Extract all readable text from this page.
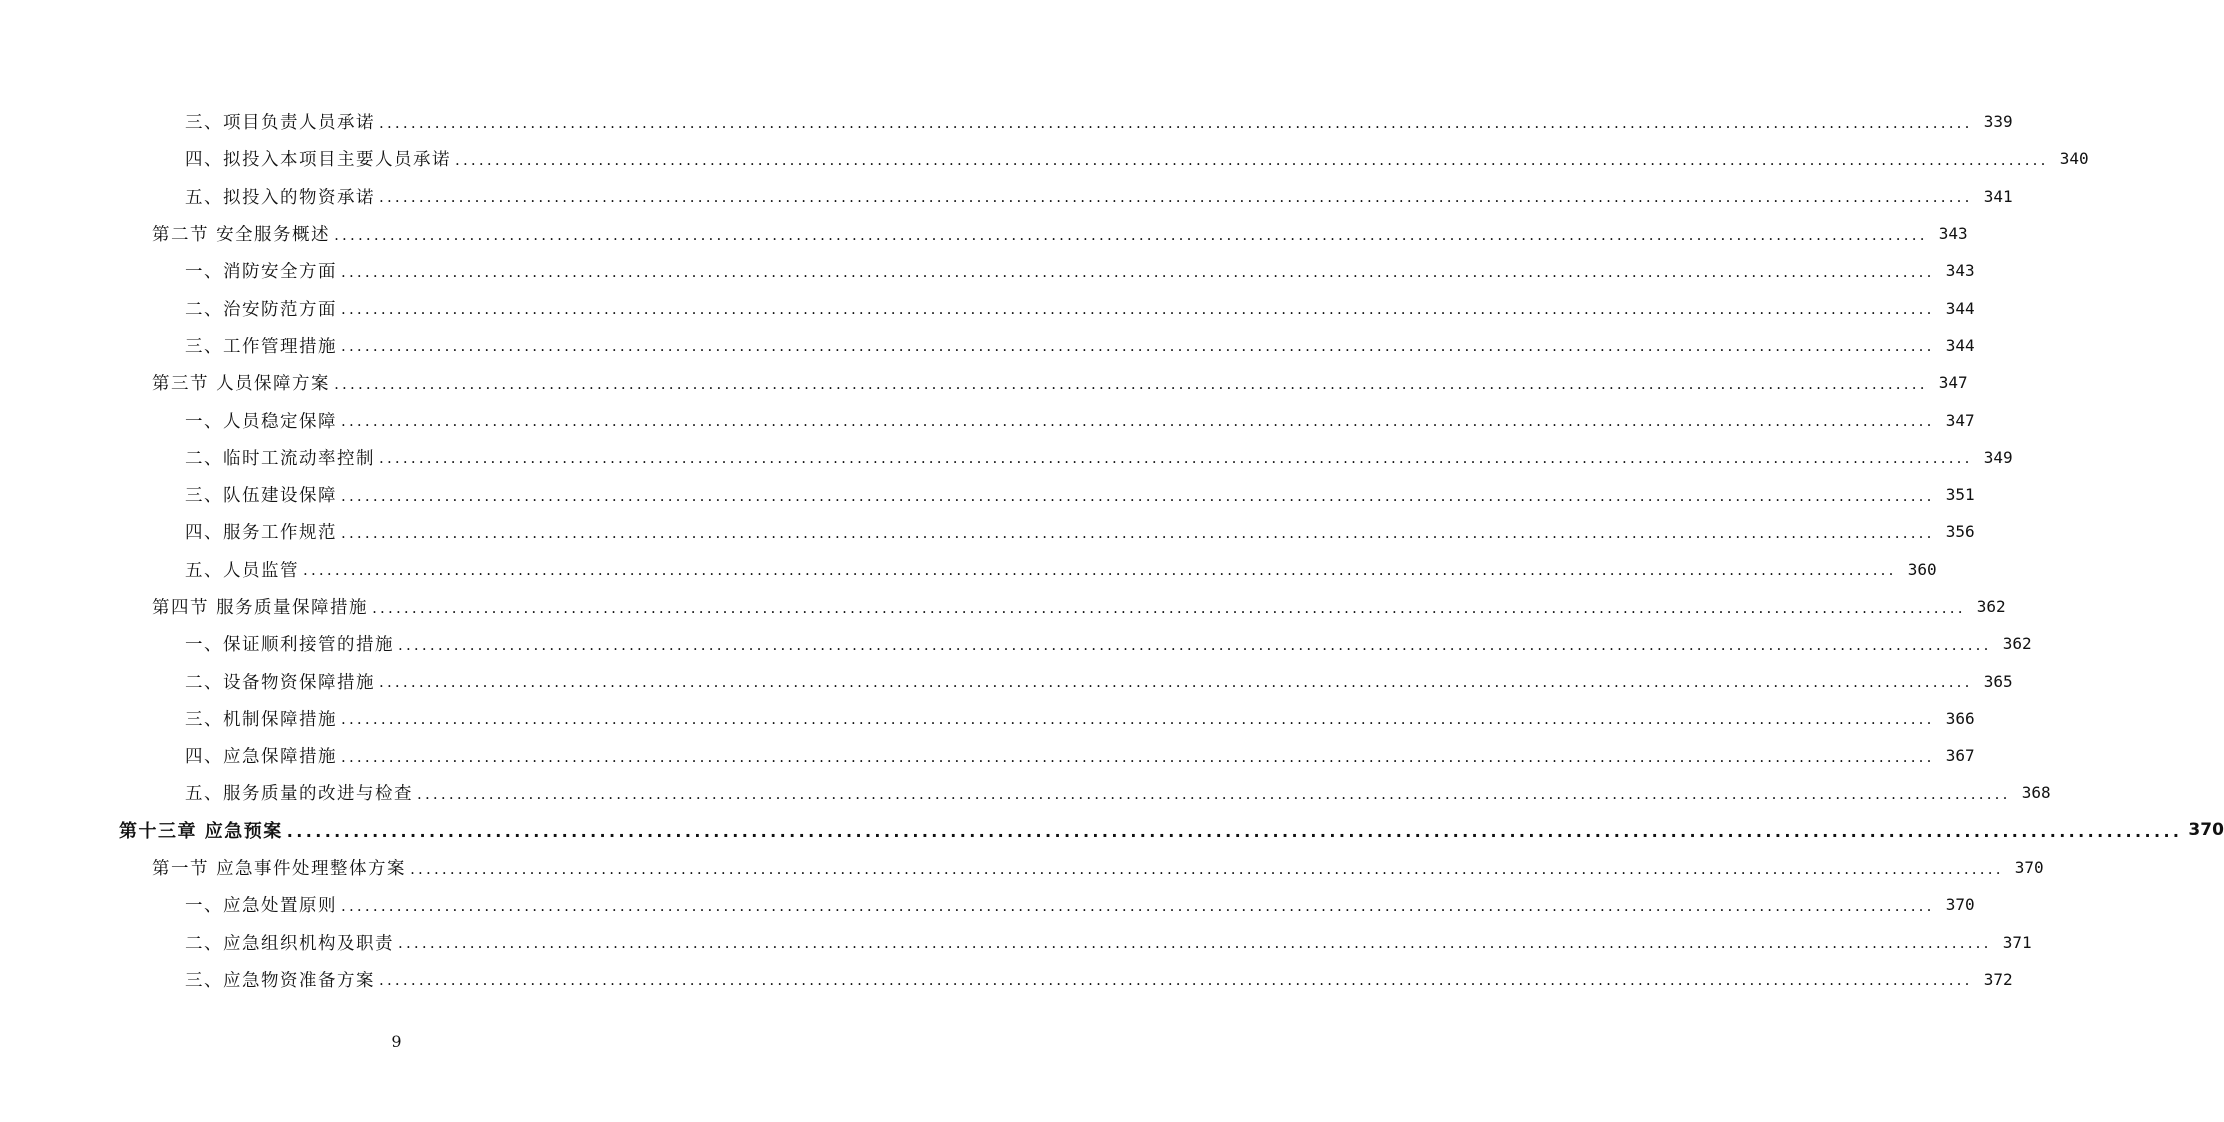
三、项目负责人员承诺 ........................................................................................................................................................................................................ 339
四、拟投入本项目主要人员承诺 ........................................................................................................................................................................................................ 340
五、拟投入的物资承诺 ........................................................................................................................................................................................................ 341
第二节 安全服务概述 ........................................................................................................................................................................................................ 343
一、消防安全方面 ........................................................................................................................................................................................................ 343
二、治安防范方面 ........................................................................................................................................................................................................ 344
三、工作管理措施 ........................................................................................................................................................................................................ 344
第三节 人员保障方案 ........................................................................................................................................................................................................ 347
一、人员稳定保障 ........................................................................................................................................................................................................ 347
二、临时工流动率控制 ........................................................................................................................................................................................................ 349
三、队伍建设保障 ........................................................................................................................................................................................................ 351
四、服务工作规范 ........................................................................................................................................................................................................ 356
五、人员监管 ........................................................................................................................................................................................................ 360
第四节 服务质量保障措施 ........................................................................................................................................................................................................ 362
一、保证顺利接管的措施 ........................................................................................................................................................................................................ 362
二、设备物资保障措施 ........................................................................................................................................................................................................ 365
三、机制保障措施 ........................................................................................................................................................................................................ 366
四、应急保障措施 ........................................................................................................................................................................................................ 367
五、服务质量的改进与检查 ........................................................................................................................................................................................................ 368
第十三章 应急预案 ........................................................................................................................................................................................................ 370
第一节 应急事件处理整体方案 ........................................................................................................................................................................................................ 370
一、应急处置原则 ........................................................................................................................................................................................................ 370
二、应急组织机构及职责 ........................................................................................................................................................................................................ 371
三、应急物资准备方案 ........................................................................................................................................................................................................ 372
9
